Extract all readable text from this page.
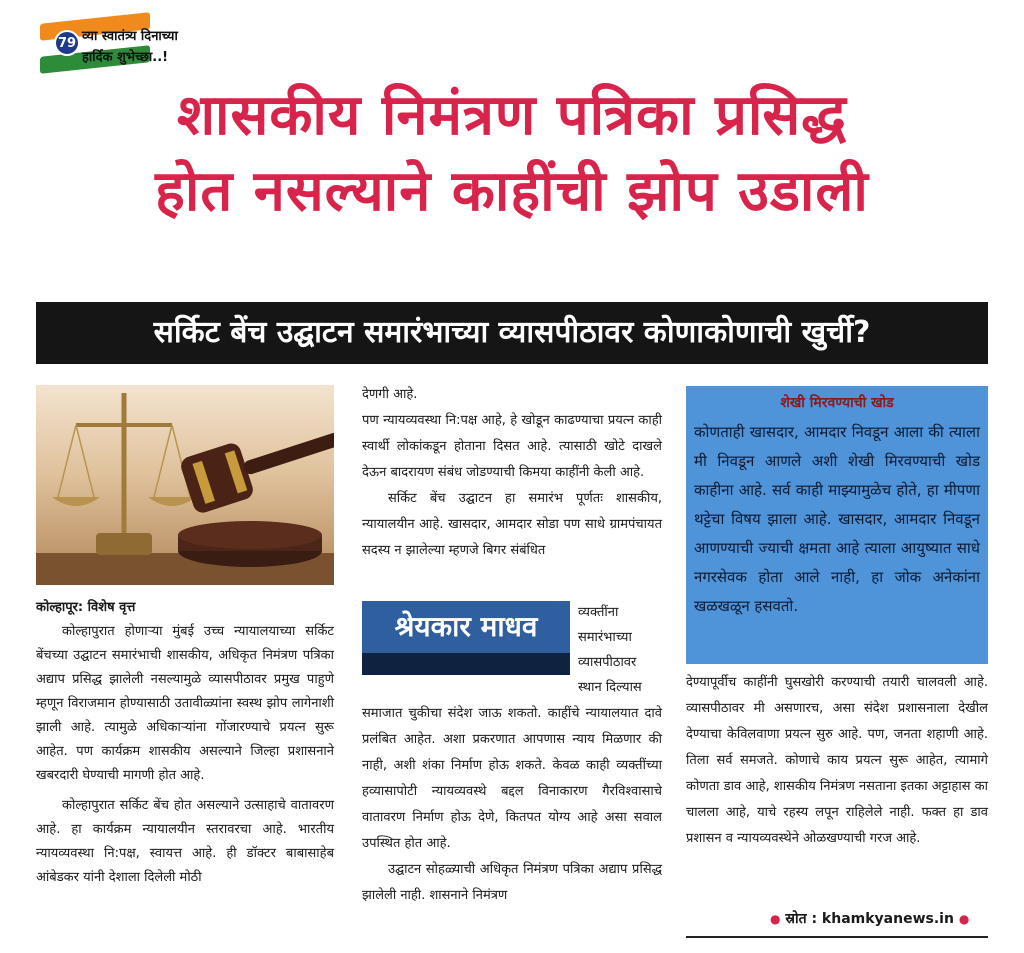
79 व्या स्वातंत्र्य दिनाच्या
हार्दिक शुभेच्छा..!
शासकीय निमंत्रण पत्रिका प्रसिद्ध
होत नसल्याने काहींची झोप उडाली
सर्किट बेंच उद्घाटन समारंभाच्या व्यासपीठावर कोणाकोणाची खुर्ची?

कोल्हापूर: विशेष वृत्त

कोल्हापुरात होणाऱ्या मुंबई उच्च न्यायालयाच्या सर्किट बेंचच्या उद्घाटन समारंभाची शासकीय, अधिकृत निमंत्रण पत्रिका अद्याप प्रसिद्ध झालेली नसल्यामुळे व्यासपीठावर प्रमुख पाहुणे म्हणून विराजमान होण्यासाठी उतावीळ्यांना स्वस्थ झोप लागेनाशी झाली आहे. त्यामुळे अधिकाऱ्यांना गोंजारण्याचे प्रयत्न सुरू आहेत. पण कार्यक्रम शासकीय असल्याने जिल्हा प्रशासनाने खबरदारी घेण्याची मागणी होत आहे.

कोल्हापुरात सर्किट बेंच होत असल्याने उत्साहाचे वातावरण आहे. हा कार्यक्रम न्यायालयीन स्तरावरचा आहे. भारतीय न्यायव्यवस्था नि:पक्ष, स्वायत्त आहे. ही डॉक्टर बाबासाहेब आंबेडकर यांनी देशाला दिलेली मोठी

देणगी आहे.

पण न्यायव्यवस्था नि:पक्ष आहे, हे खोडून काढण्याचा प्रयत्न काही स्वार्थी लोकांकडून होताना दिसत आहे. त्यासाठी खोटे दाखले देऊन बादरायण संबंध जोडण्याची किमया काहींनी केली आहे.

सर्किट बेंच उद्घाटन हा समारंभ पूर्णतः शासकीय, न्यायालयीन आहे. खासदार, आमदार सोडा पण साधे ग्रामपंचायत सदस्य न झालेल्या म्हणजे बिगर संबंधित

श्रेयकार माधव	व्यक्तींना समारंभाच्या व्यासपीठावर स्थान दिल्यास

समाजात चुकीचा संदेश जाऊ शकतो. काहींचे न्यायालयात दावे प्रलंबित आहेत. अशा प्रकरणात आपणास न्याय मिळणार की नाही, अशी शंका निर्माण होऊ शकते. केवळ काही व्यक्तींच्या हव्यासापोटी न्यायव्यवस्थे बद्दल विनाकारण गैरविश्वासाचे वातावरण निर्माण होऊ देणे, कितपत योग्य आहे असा सवाल उपस्थित होत आहे.

उद्घाटन सोहळ्याची अधिकृत निमंत्रण पत्रिका अद्याप प्रसिद्ध झालेली नाही. शासनाने निमंत्रण

शेखी मिरवण्याची खोड
कोणताही खासदार, आमदार निवडून आला की त्याला मी निवडून आणले अशी शेखी मिरवण्याची खोड काहीना आहे. सर्व काही माझ्यामुळेच होते, हा मीपणा थट्टेचा विषय झाला आहे. खासदार, आमदार निवडून आणण्याची ज्याची क्षमता आहे त्याला आयुष्यात साधे नगरसेवक होता आले नाही, हा जोक अनेकांना खळखळून हसवतो.

देण्यापूर्वीच काहींनी घुसखोरी करण्याची तयारी चालवली आहे. व्यासपीठावर मी असणारच, असा संदेश प्रशासनाला देखील देण्याचा केविलवाणा प्रयत्न सुरु आहे. पण, जनता शहाणी आहे. तिला सर्व समजते. कोणाचे काय प्रयत्न सुरू आहेत, त्यामागे कोणता डाव आहे, शासकीय निमंत्रण नसताना इतका अट्टाहास का चालला आहे, याचे रहस्य लपून राहिलेले नाही. फक्त हा डाव प्रशासन व न्यायव्यवस्थेने ओळखण्याची गरज आहे.

● स्रोत : khamkyanews.in ●
